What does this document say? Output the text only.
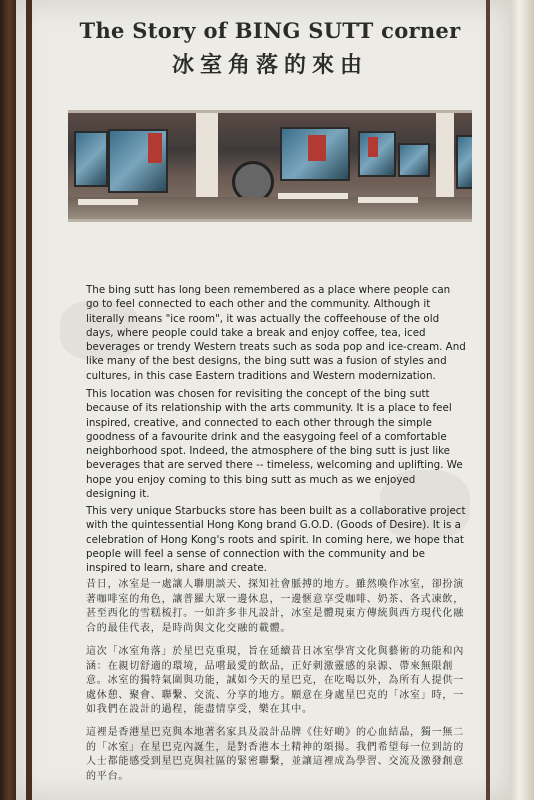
The Story of BING SUTT corner
冰室角落的來由

The bing sutt has long been remembered as a place where people can go to feel connected to each other and the community. Although it literally means "ice room", it was actually the coffeehouse of the old days, where people could take a break and enjoy coffee, tea, iced beverages or trendy Western treats such as soda pop and ice-cream. And like many of the best designs, the bing sutt was a fusion of styles and cultures, in this case Eastern traditions and Western modernization.

This location was chosen for revisiting the concept of the bing sutt because of its relationship with the arts community. It is a place to feel inspired, creative, and connected to each other through the simple goodness of a favourite drink and the easygoing feel of a comfortable neighborhood spot. Indeed, the atmosphere of the bing sutt is just like beverages that are served there -- timeless, welcoming and uplifting. We hope you enjoy coming to this bing sutt as much as we enjoyed designing it.

This very unique Starbucks store has been built as a collaborative project with the quintessential Hong Kong brand G.O.D. (Goods of Desire). It is a celebration of Hong Kong's roots and spirit. In coming here, we hope that people will feel a sense of connection with the community and be inspired to learn, share and create.

昔日，冰室是一處讓人聯朋談天、探知社會脈搏的地方。雖然喚作冰室，卻扮演著咖啡室的角色，讓普羅大眾一邊休息，一邊愜意享受咖啡、奶茶、各式凍飲，甚至西化的雪糕梳打。一如許多非凡設計，冰室是體現東方傳統與西方現代化融合的最佳代表，是時尚與文化交融的載體。

這次「冰室角落」於星巴克重現，旨在延續昔日冰室學宵文化與藝術的功能和內涵：在親切舒適的環境，品嚐最愛的飲品，正好刺激靈感的泉源、帶來無限創意。冰室的獨特氣圍與功能，誠如今天的星巴克，在吃喝以外，為所有人提供一處休憩、聚會、聯繫、交流、分享的地方。願意在身處星巴克的「冰室」時，一如我們在設計的過程，能盡情享受，樂在其中。

這裡是香港星巴克與本地著名家具及設計品牌《住好啲》的心血結晶，獨一無二的「冰室」在星巴克內誕生，是對香港本土精神的頌揚。我們希望每一位到訪的人士都能感受到星巴克與社區的緊密聯繫，並讓這裡成為學習、交流及激發創意的平台。
